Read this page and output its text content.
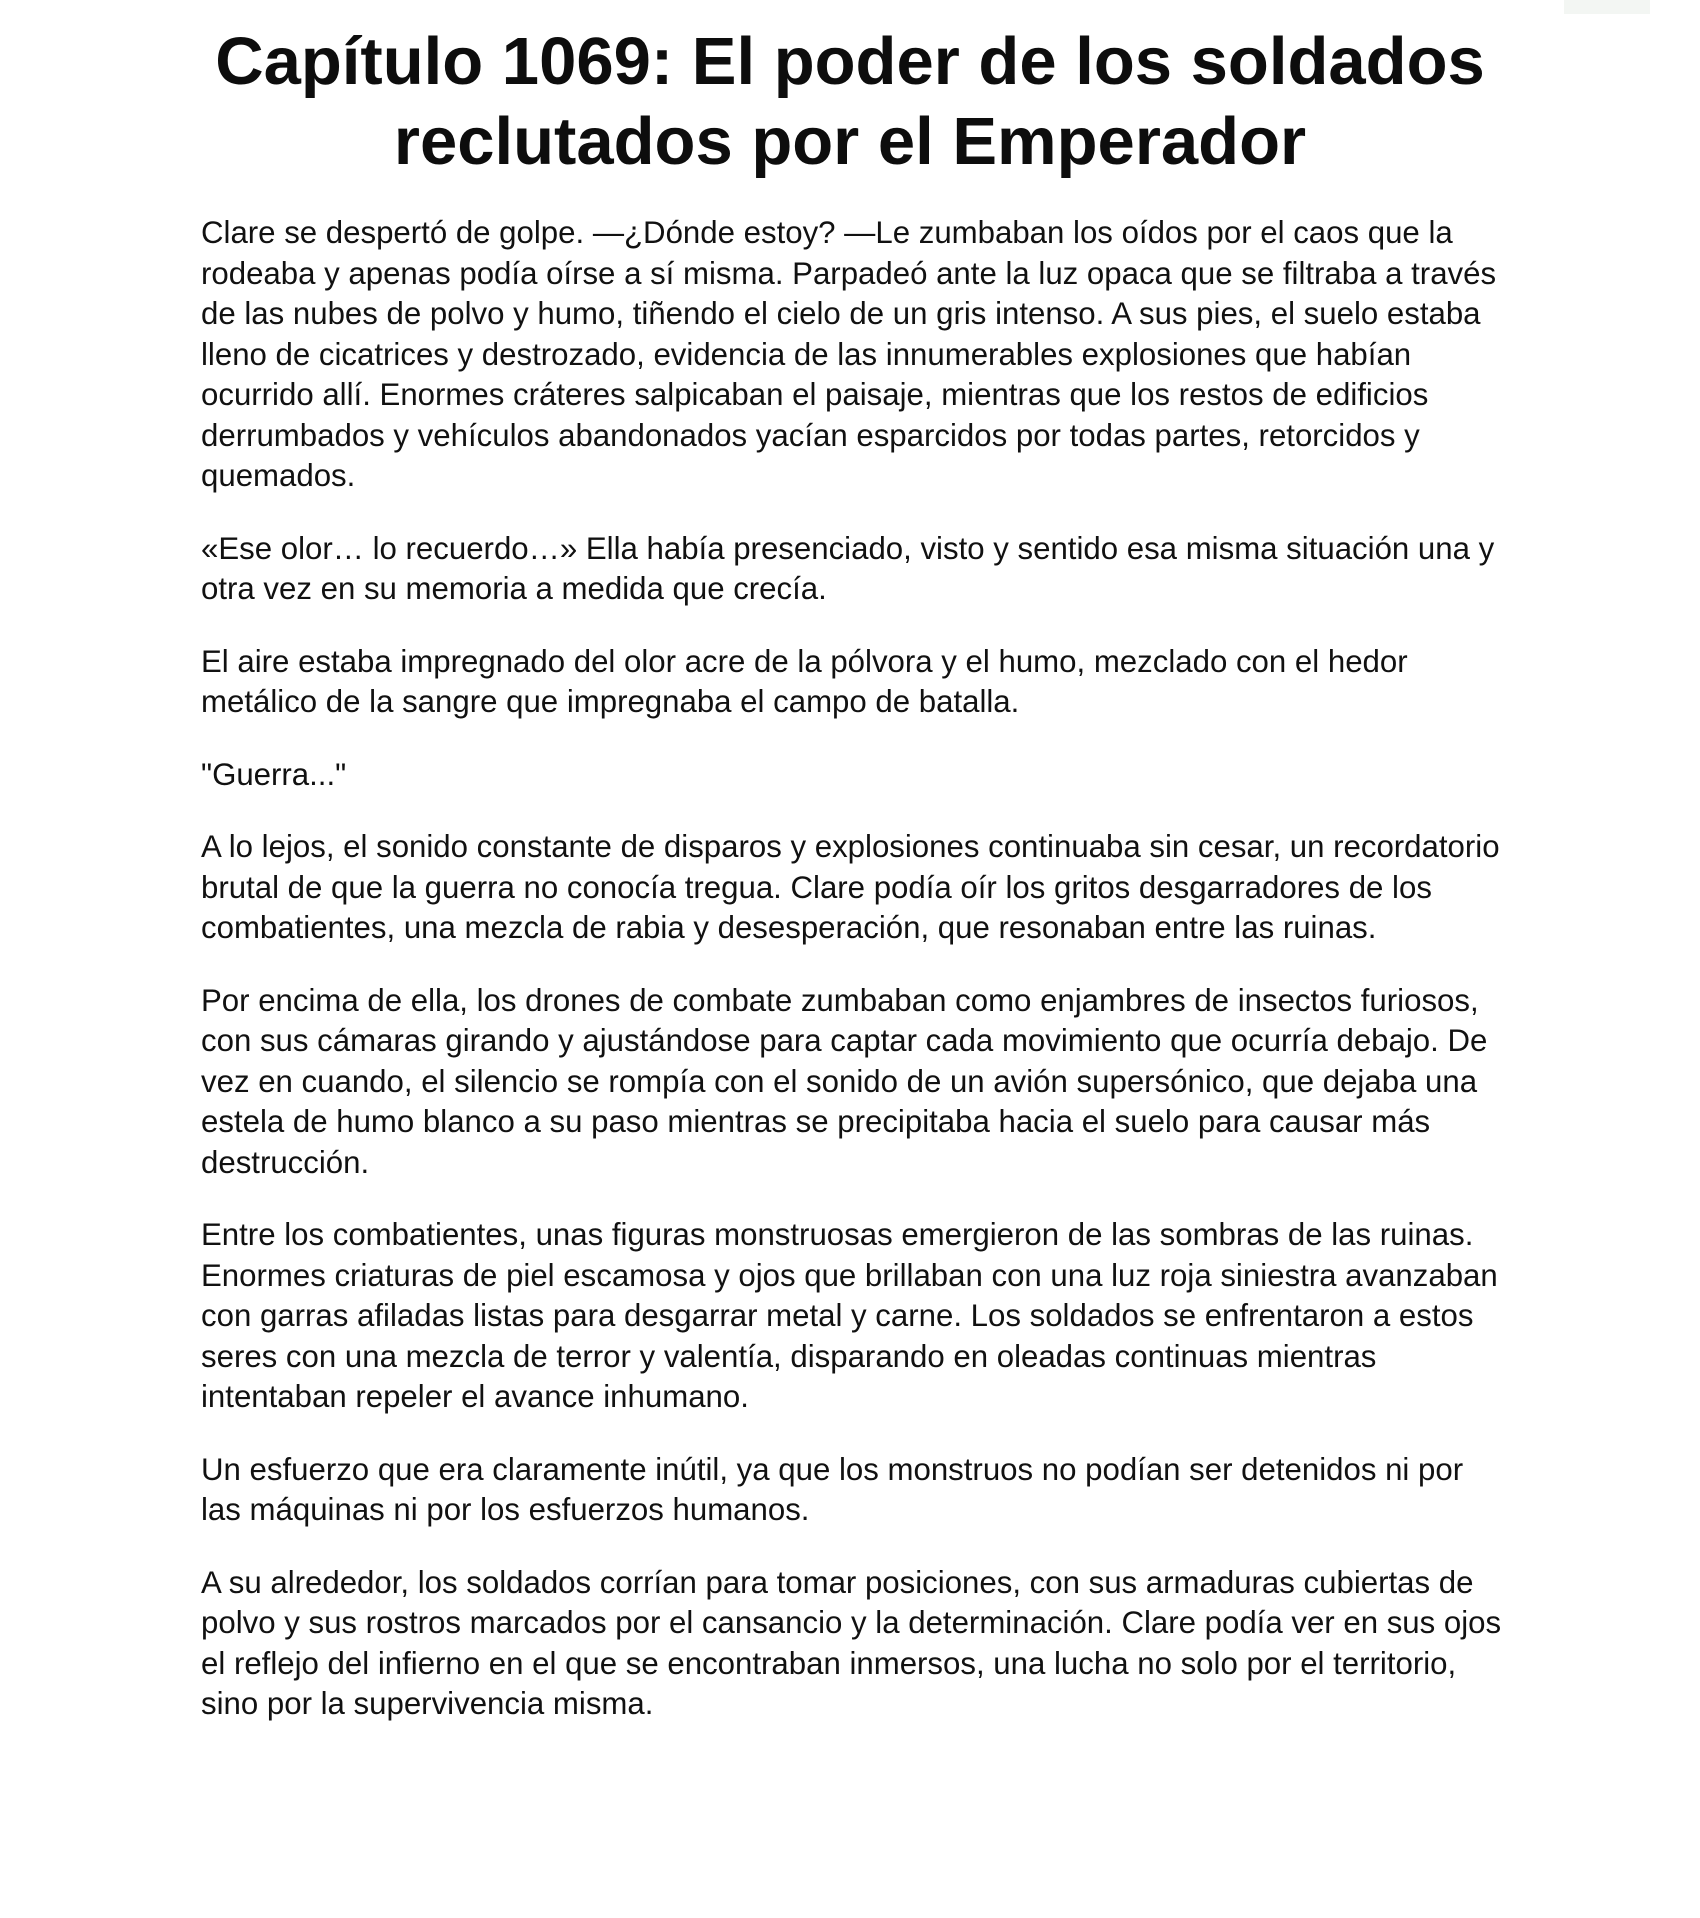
Capítulo 1069: El poder de los soldados reclutados por el Emperador

Clare se despertó de golpe. —¿Dónde estoy? —Le zumbaban los oídos por el caos que la rodeaba y apenas podía oírse a sí misma. Parpadeó ante la luz opaca que se filtraba a través de las nubes de polvo y humo, tiñendo el cielo de un gris intenso. A sus pies, el suelo estaba lleno de cicatrices y destrozado, evidencia de las innumerables explosiones que habían ocurrido allí. Enormes cráteres salpicaban el paisaje, mientras que los restos de edificios derrumbados y vehículos abandonados yacían esparcidos por todas partes, retorcidos y quemados.

«Ese olor… lo recuerdo…» Ella había presenciado, visto y sentido esa misma situación una y otra vez en su memoria a medida que crecía.

El aire estaba impregnado del olor acre de la pólvora y el humo, mezclado con el hedor metálico de la sangre que impregnaba el campo de batalla.

"Guerra..."

A lo lejos, el sonido constante de disparos y explosiones continuaba sin cesar, un recordatorio brutal de que la guerra no conocía tregua. Clare podía oír los gritos desgarradores de los combatientes, una mezcla de rabia y desesperación, que resonaban entre las ruinas.

Por encima de ella, los drones de combate zumbaban como enjambres de insectos furiosos, con sus cámaras girando y ajustándose para captar cada movimiento que ocurría debajo. De vez en cuando, el silencio se rompía con el sonido de un avión supersónico, que dejaba una estela de humo blanco a su paso mientras se precipitaba hacia el suelo para causar más destrucción.

Entre los combatientes, unas figuras monstruosas emergieron de las sombras de las ruinas. Enormes criaturas de piel escamosa y ojos que brillaban con una luz roja siniestra avanzaban con garras afiladas listas para desgarrar metal y carne. Los soldados se enfrentaron a estos seres con una mezcla de terror y valentía, disparando en oleadas continuas mientras intentaban repeler el avance inhumano.

Un esfuerzo que era claramente inútil, ya que los monstruos no podían ser detenidos ni por las máquinas ni por los esfuerzos humanos.

A su alrededor, los soldados corrían para tomar posiciones, con sus armaduras cubiertas de polvo y sus rostros marcados por el cansancio y la determinación. Clare podía ver en sus ojos el reflejo del infierno en el que se encontraban inmersos, una lucha no solo por el territorio, sino por la supervivencia misma.
